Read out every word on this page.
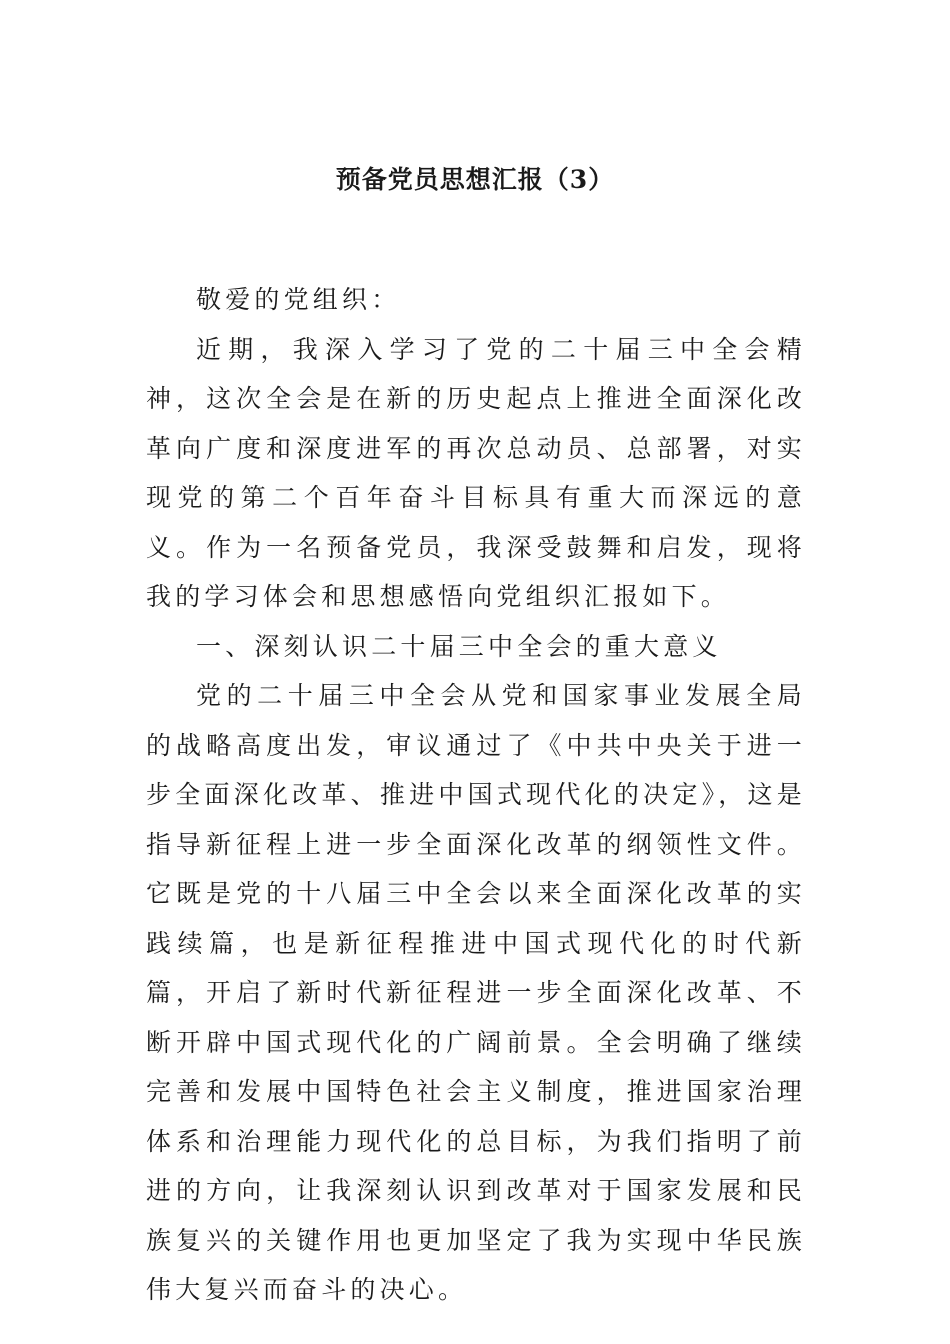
预备党员思想汇报（3）

敬爱的党组织：

近期，我深入学习了党的二十届三中全会精神，这次全会是在新的历史起点上推进全面深化改革向广度和深度进军的再次总动员、总部署，对实现党的第二个百年奋斗目标具有重大而深远的意义。作为一名预备党员，我深受鼓舞和启发，现将我的学习体会和思想感悟向党组织汇报如下。

一、深刻认识二十届三中全会的重大意义

党的二十届三中全会从党和国家事业发展全局的战略高度出发，审议通过了《中共中央关于进一步全面深化改革、推进中国式现代化的决定》，这是指导新征程上进一步全面深化改革的纲领性文件。它既是党的十八届三中全会以来全面深化改革的实践续篇，也是新征程推进中国式现代化的时代新篇，开启了新时代新征程进一步全面深化改革、不断开辟中国式现代化的广阔前景。全会明确了继续完善和发展中国特色社会主义制度，推进国家治理体系和治理能力现代化的总目标，为我们指明了前进的方向，让我深刻认识到改革对于国家发展和民族复兴的关键作用也更加坚定了我为实现中华民族伟大复兴而奋斗的决心。
